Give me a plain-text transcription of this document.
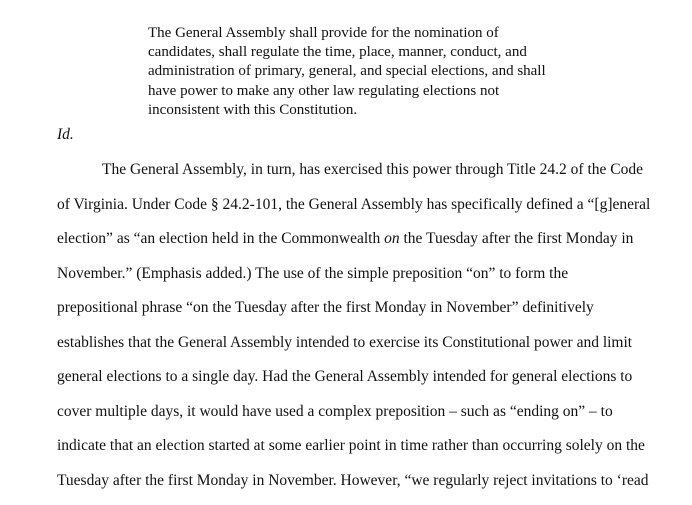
The General Assembly shall provide for the nomination of
candidates, shall regulate the time, place, manner, conduct, and
administration of primary, general, and special elections, and shall
have power to make any other law regulating elections not
inconsistent with this Constitution.
Id.
The General Assembly, in turn, has exercised this power through Title 24.2 of the Code
of Virginia. Under Code § 24.2-101, the General Assembly has specifically defined a “[g]eneral
election” as “an election held in the Commonwealth on the Tuesday after the first Monday in
November.” (Emphasis added.) The use of the simple preposition “on” to form the
prepositional phrase “on the Tuesday after the first Monday in November” definitively
establishes that the General Assembly intended to exercise its Constitutional power and limit
general elections to a single day. Had the General Assembly intended for general elections to
cover multiple days, it would have used a complex preposition – such as “ending on” – to
indicate that an election started at some earlier point in time rather than occurring solely on the
Tuesday after the first Monday in November. However, “we regularly reject invitations to ‘read
